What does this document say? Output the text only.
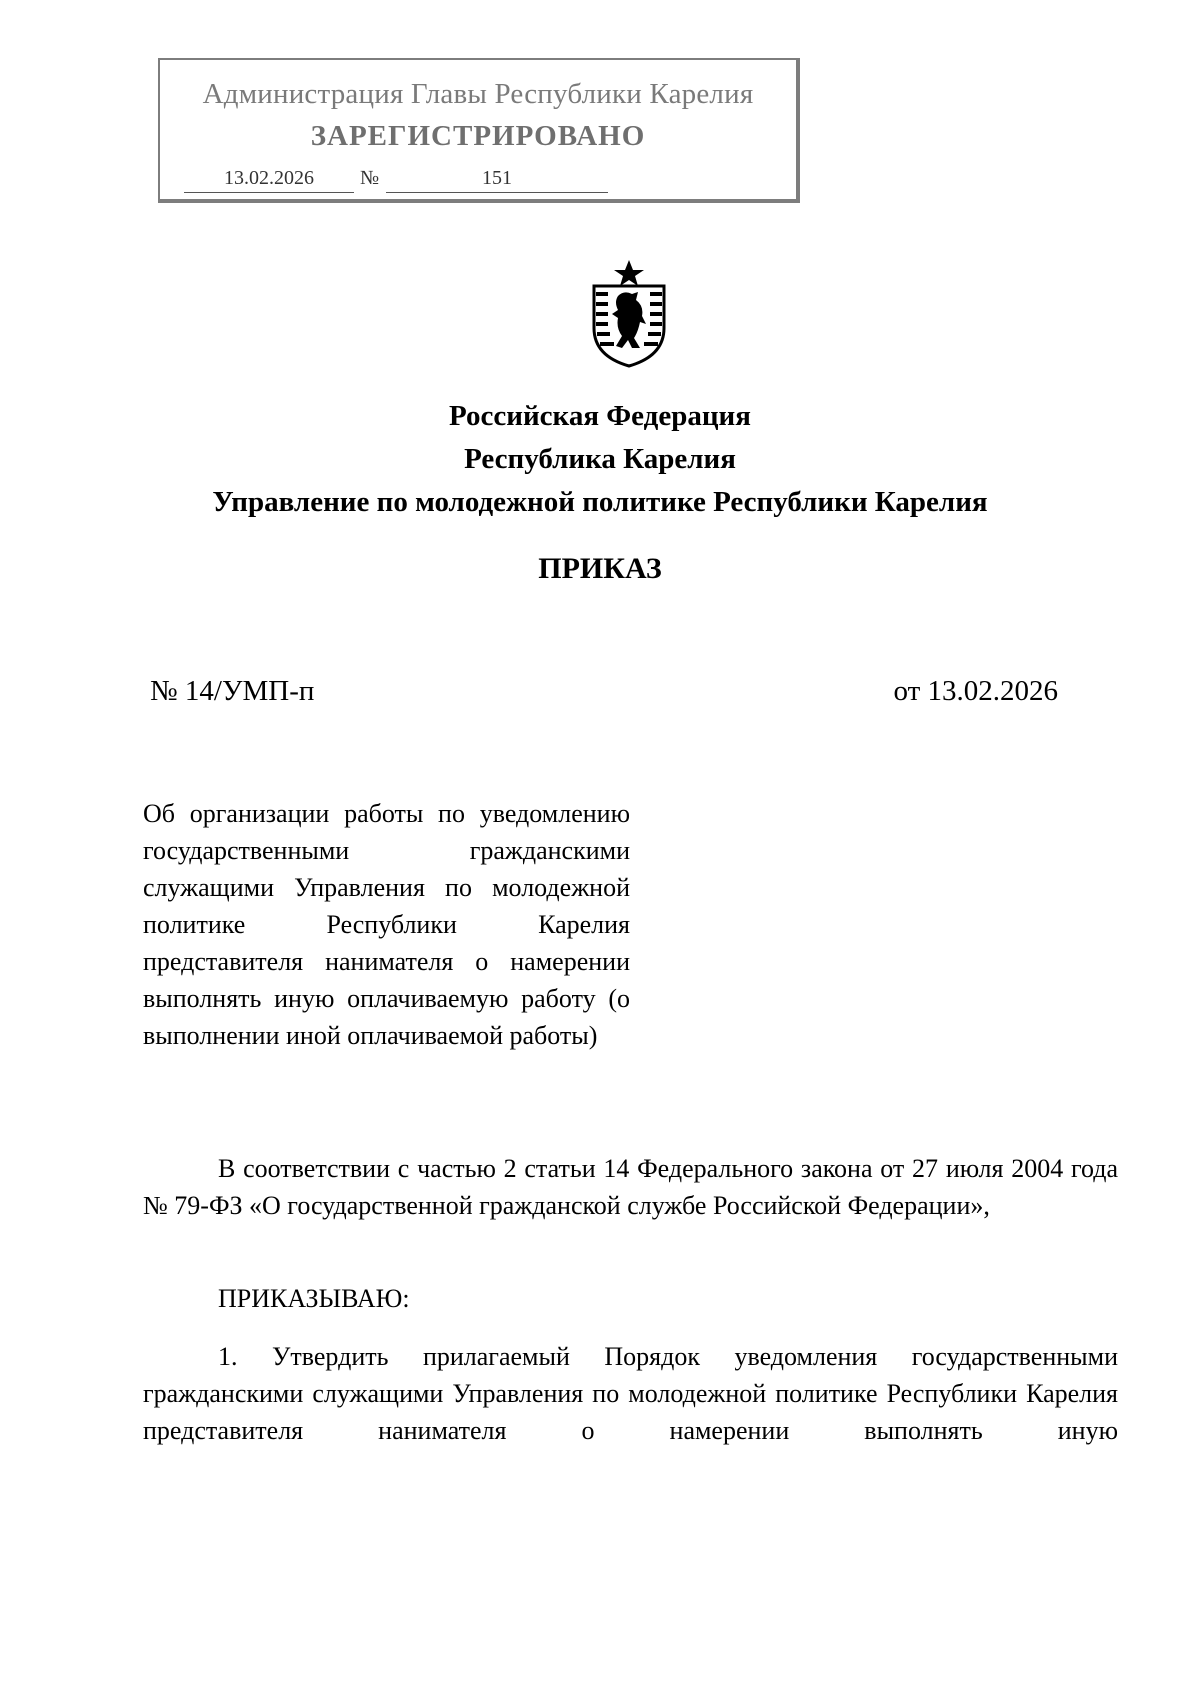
Администрация Главы Республики Карелия
ЗАРЕГИСТРИРОВАНО
13.02.2026	№	151
Российская Федерация
Республика Карелия
Управление по молодежной политике Республики Карелия
ПРИКАЗ
№ 14/УМП-п	от 13.02.2026
Об организации работы по уведомлению государственными гражданскими служащими Управления по молодежной политике Республики Карелия представителя нанимателя о намерении выполнять иную оплачиваемую работу (о выполнении иной оплачиваемой работы)
В соответствии с частью 2 статьи 14 Федерального закона от 27 июля 2004 года № 79-ФЗ «О государственной гражданской службе Российской Федерации»,
ПРИКАЗЫВАЮ:
1. Утвердить прилагаемый Порядок уведомления государственными гражданскими служащими Управления по молодежной политике Республики Карелия представителя нанимателя о намерении выполнять иную
